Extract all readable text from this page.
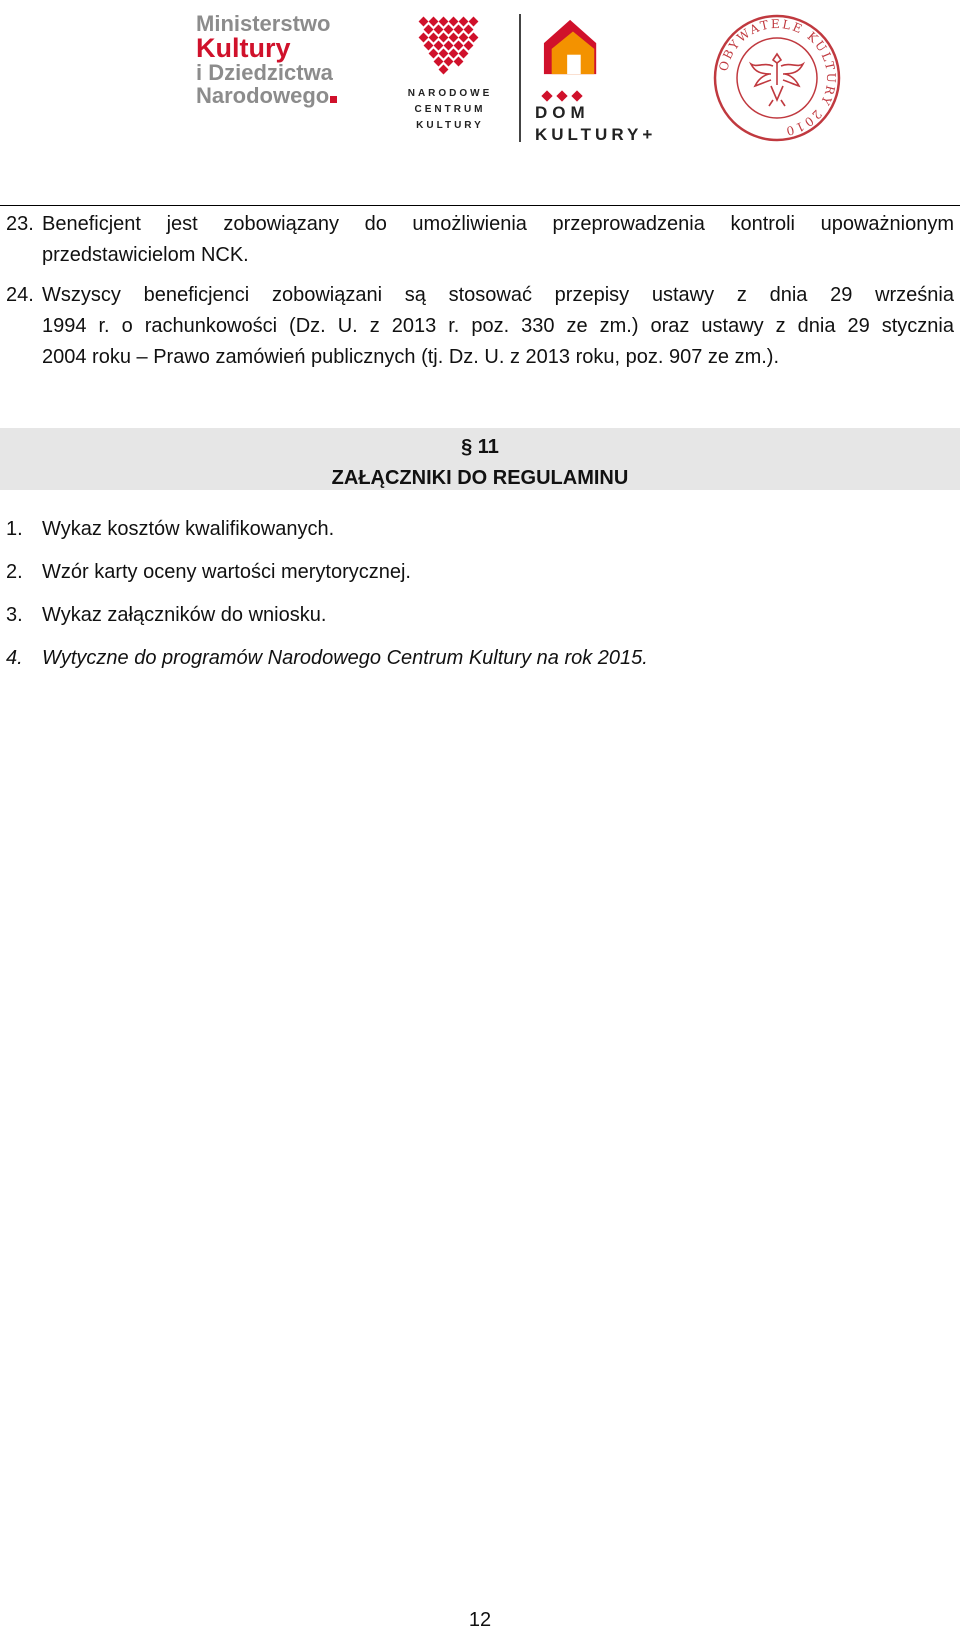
Ministerstwo
Kultury
i Dziedzictwa
Narodowego	NARODOWE
CENTRUM
KULTURY
DOM
KULTURY+
OBYWATELE KULTURY 2010
23. Beneficjent jest zobowiązany do umożliwienia przeprowadzenia kontroli upoważnionym
przedstawicielom NCK.
24. Wszyscy beneficjenci zobowiązani są stosować przepisy ustawy z dnia 29 września
1994 r. o rachunkowości (Dz. U. z 2013 r. poz. 330 ze zm.) oraz ustawy z dnia 29 stycznia
2004 roku – Prawo zamówień publicznych (tj. Dz. U. z 2013 roku, poz. 907 ze zm.).
§ 11
ZAŁĄCZNIKI DO REGULAMINU
1. Wykaz kosztów kwalifikowanych.
2. Wzór karty oceny wartości merytorycznej.
3. Wykaz załączników do wniosku.
4. Wytyczne do programów Narodowego Centrum Kultury na rok 2015.
12
